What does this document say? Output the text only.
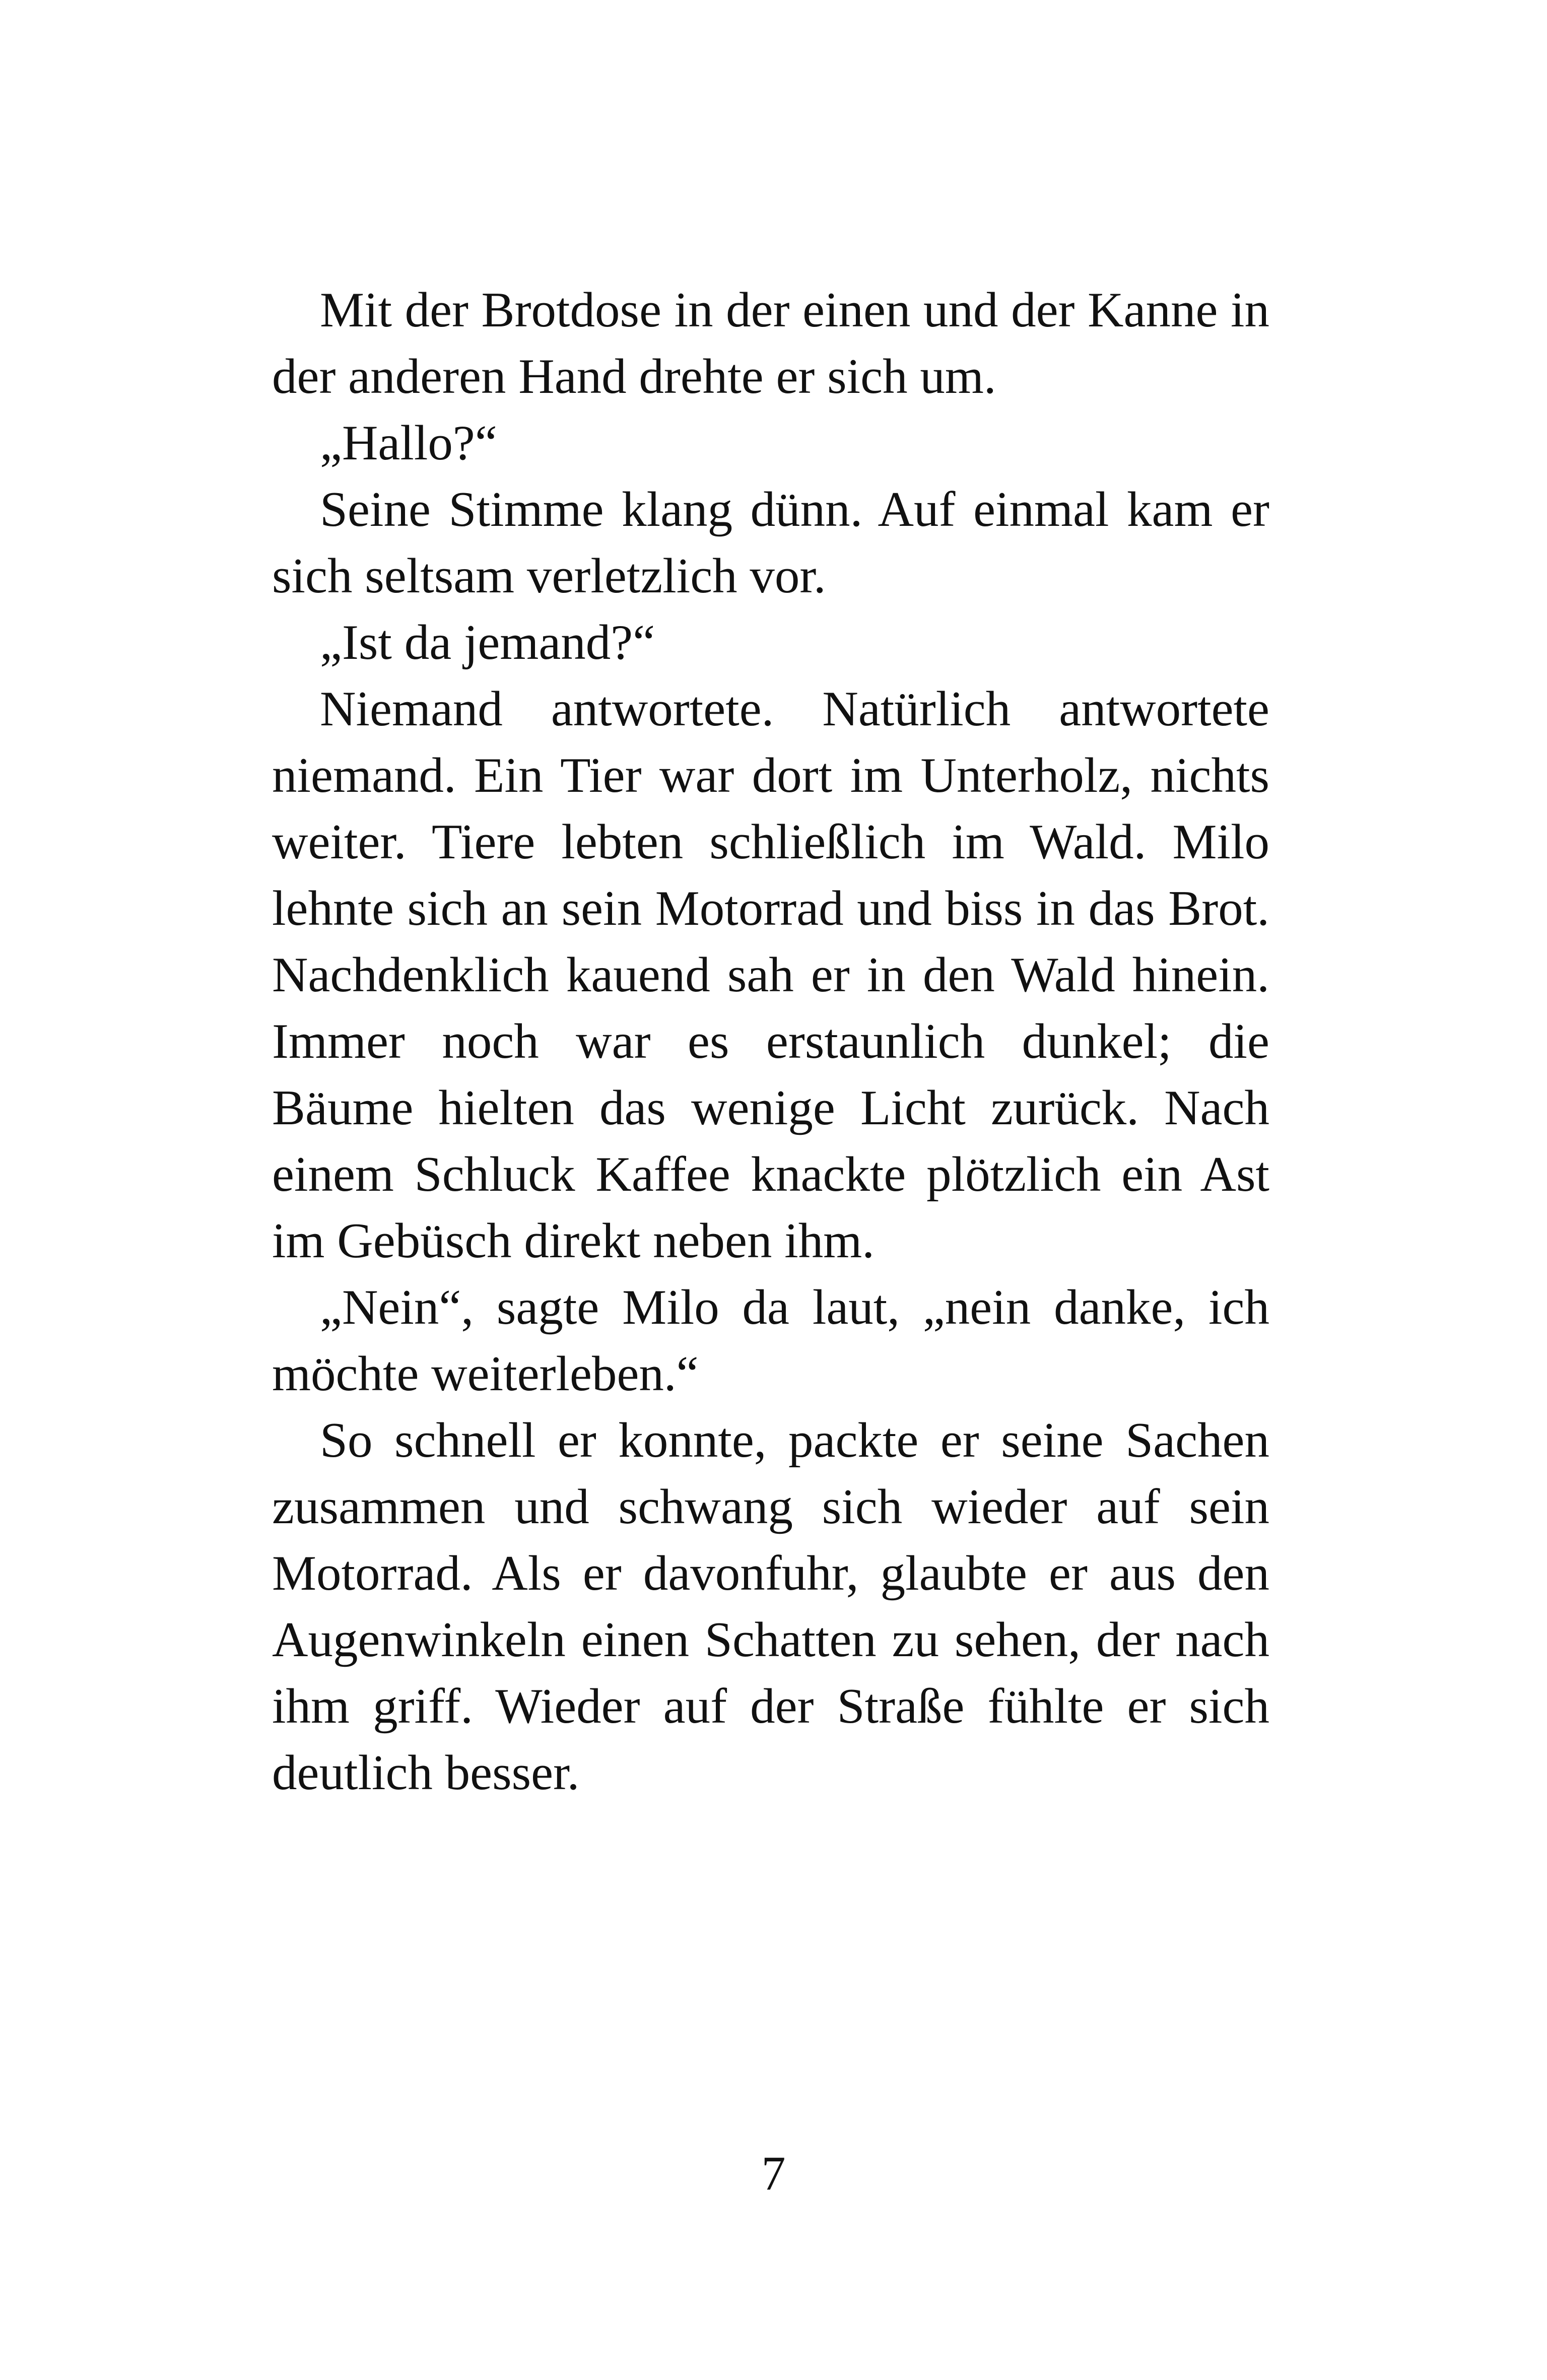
Mit der Brotdose in der einen und der Kanne in der anderen Hand drehte er sich um.

„Hallo?“

Seine Stimme klang dünn. Auf einmal kam er sich seltsam verletzlich vor.

„Ist da jemand?“

Niemand antwortete. Natürlich antwortete niemand. Ein Tier war dort im Unterholz, nichts weiter. Tiere lebten schließlich im Wald. Milo lehnte sich an sein Motorrad und biss in das Brot. Nachdenklich kauend sah er in den Wald hinein. Immer noch war es erstaunlich dunkel; die Bäume hielten das wenige Licht zurück. Nach einem Schluck Kaffee knackte plötzlich ein Ast im Gebüsch direkt neben ihm.

„Nein“, sagte Milo da laut, „nein danke, ich möchte weiterleben.“

So schnell er konnte, packte er seine Sachen zusammen und schwang sich wieder auf sein Motorrad. Als er davonfuhr, glaubte er aus den Augenwinkeln einen Schatten zu sehen, der nach ihm griff. Wieder auf der Straße fühlte er sich deutlich besser.

7
